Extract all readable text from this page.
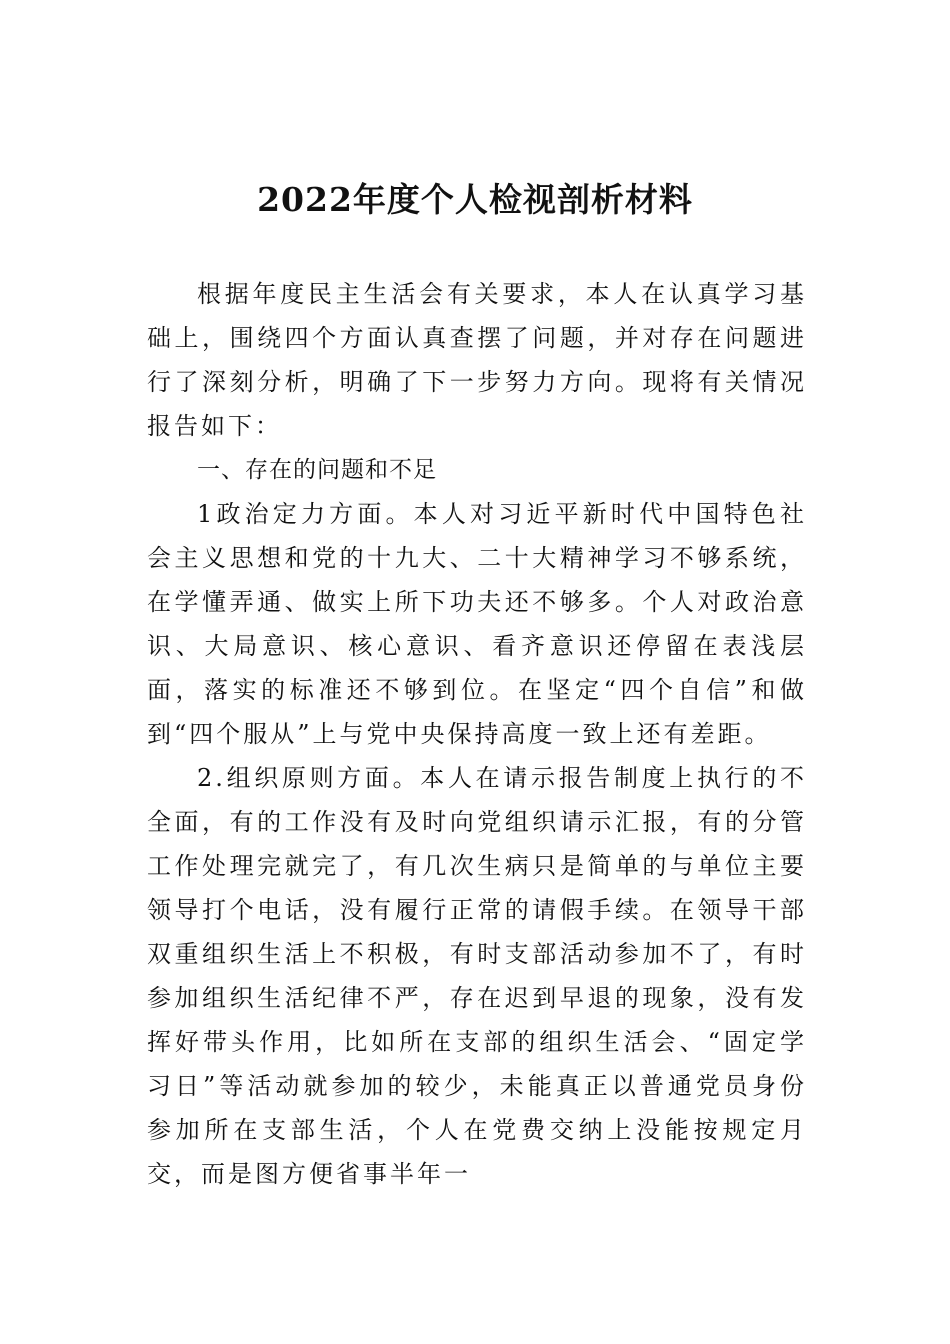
2022年度个人检视剖析材料

根据年度民主生活会有关要求，本人在认真学习基础上，围绕四个方面认真查摆了问题，并对存在问题进行了深刻分析，明确了下一步努力方向。现将有关情况报告如下：

一、存在的问题和不足

1政治定力方面。本人对习近平新时代中国特色社会主义思想和党的十九大、二十大精神学习不够系统，在学懂弄通、做实上所下功夫还不够多。个人对政治意识、大局意识、核心意识、看齐意识还停留在表浅层面，落实的标准还不够到位。在坚定“四个自信”和做到“四个服从”上与党中央保持高度一致上还有差距。

2.组织原则方面。本人在请示报告制度上执行的不全面，有的工作没有及时向党组织请示汇报，有的分管工作处理完就完了，有几次生病只是简单的与单位主要领导打个电话，没有履行正常的请假手续。在领导干部双重组织生活上不积极，有时支部活动参加不了，有时参加组织生活纪律不严，存在迟到早退的现象，没有发挥好带头作用，比如所在支部的组织生活会、“固定学习日”等活动就参加的较少，未能真正以普通党员身份参加所在支部生活，个人在党费交纳上没能按规定月交，而是图方便省事半年一
